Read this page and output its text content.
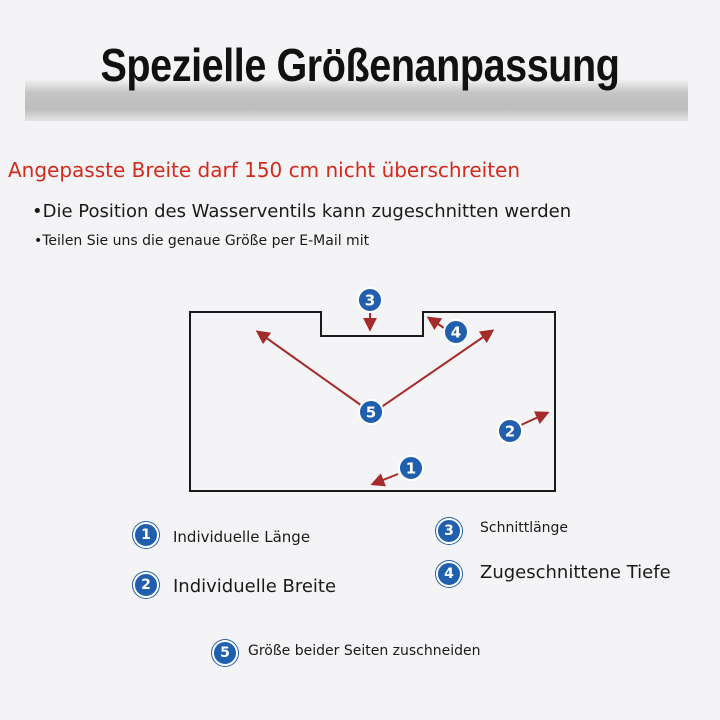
Spezielle Größenanpassung
Angepasste Breite darf 150 cm nicht überschreiten
•Die Position des Wasserventils kann zugeschnitten werden
•Teilen Sie uns die genaue Größe per E-Mail mit
3
4
5
2
1
1	Individuelle Länge
2	Individuelle Breite
3	Schnittlänge
4	Zugeschnittene Tiefe
5	Größe beider Seiten zuschneiden
